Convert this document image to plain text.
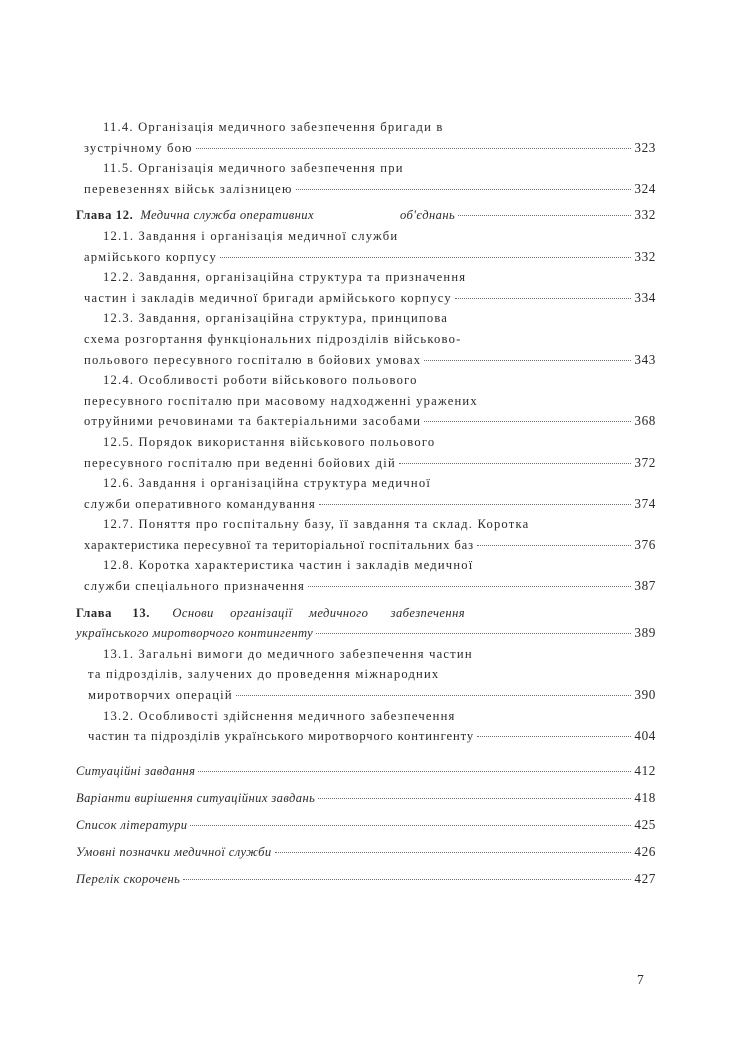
11.4. Організація медичного забезпечення бригади в
зустрічному бою	323
11.5. Організація медичного забезпечення при
перевезеннях військ залізницею	324
Глава 12. Медична служба оперативних	об'єднань	332
12.1. Завдання і організація медичної служби
армійського корпусу	332
12.2. Завдання, організаційна структура та призначення
частин і закладів медичної бригади армійського корпусу	334
12.3. Завдання, організаційна структура, принципова
схема розгортання функціональних підрозділів військово-
польового пересувного госпіталю в бойових умовах	343
12.4. Особливості роботи військового польового
пересувного госпіталю при масовому надходженні уражених
отруйними речовинами та бактеріальними засобами	368
12.5. Порядок використання військового польового
пересувного госпіталю при веденні бойових дій	372
12.6. Завдання і організаційна структура медичної
служби оперативного командування	374
12.7. Поняття про госпітальну базу, її завдання та склад. Коротка
характеристика пересувної та територіальної госпітальних баз	376
12.8. Коротка характеристика частин і закладів медичної
служби спеціального призначення	387
Глава 13. Основи організації медичного забезпечення
українського миротворчого контингенту	389
13.1. Загальні вимоги до медичного забезпечення частин
та підрозділів, залучених до проведення міжнародних
миротворчих операцій	390
13.2. Особливості здійснення медичного забезпечення
частин та підрозділів українського миротворчого контингенту	404
Ситуаційні завдання	412
Варіанти вирішення ситуаційних завдань	418
Список літератури	425
Умовні позначки медичної служби	426
Перелік скорочень	427
7
